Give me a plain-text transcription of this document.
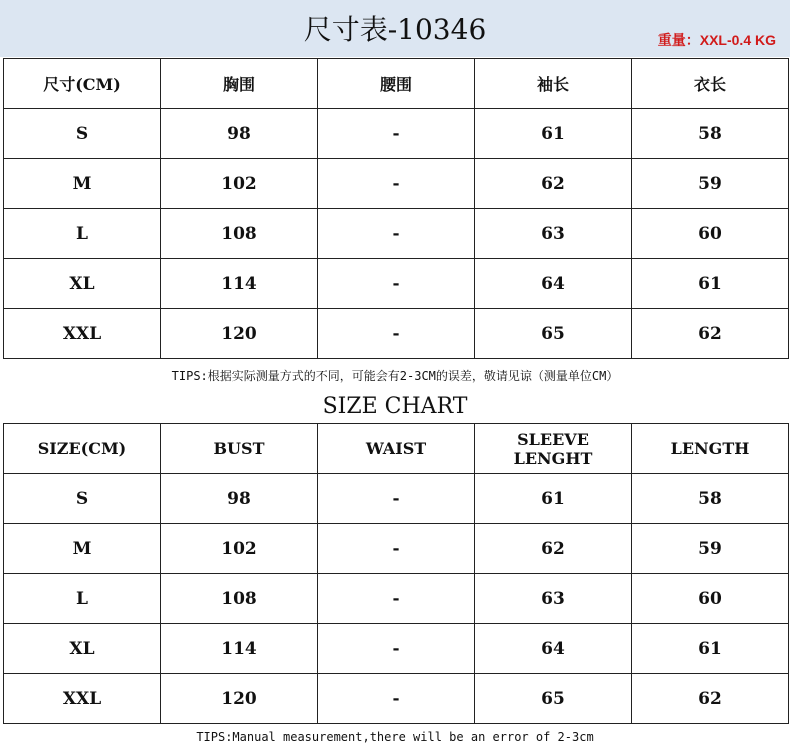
尺寸表-10346	重量：XXL-0.4 KG
尺寸(CM)	胸围	腰围	袖长	衣长
S	98	-	61	58
M	102	-	62	59
L	108	-	63	60
XL	114	-	64	61
XXL	120	-	65	62
TIPS:根据实际测量方式的不同，可能会有2-3CM的误差，敬请见谅（测量单位CM）
SIZE CHART
SIZE(CM)	BUST	WAIST	SLEEVE LENGHT	LENGTH
S	98	-	61	58
M	102	-	62	59
L	108	-	63	60
XL	114	-	64	61
XXL	120	-	65	62
TIPS:Manual measurement,there will be an error of 2-3cm
